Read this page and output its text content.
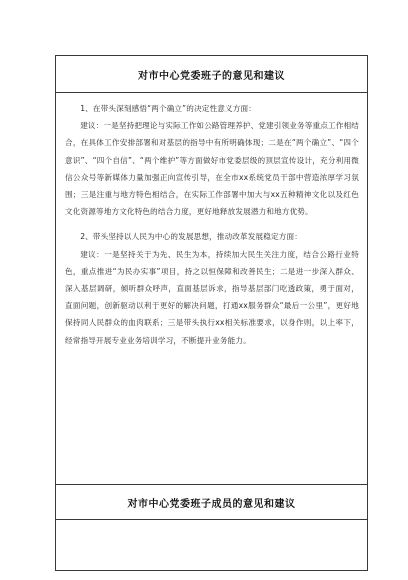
对市中心党委班子的意见和建议

1、在带头深刻感悟“两个确立”的决定性意义方面：

建议：一是坚持把理论与实际工作如公路管理养护、党建引领业务等重点工作相结合，在具体工作安排部署和对基层的指导中有所明确体现；二是在“两个确立”、“四个意识”、“四个自信”、“两个维护”等方面做好市党委层级的顶层宣传设计，充分利用微信公众号等新媒体力量加强正向宣传引导，在全市xx系统党员干部中营造浓厚学习氛围；三是注重与地方特色相结合，在实际工作部署中加大与xx五种精神文化以及红色文化资源等地方文化特色的结合力度，更好地释放发展潜力和地方优势。

2、带头坚持以人民为中心的发展思想，推动改革发展稳定方面：

建议：一是坚持关于为先、民生为本，持续加大民生关注力度，结合公路行业特色，重点推进“为民办实事”项目，持之以恒保障和改善民生；二是进一步深入群众、深入基层调研，倾听群众呼声，直面基层诉求，指导基层部门吃透政策，勇于面对，直面问题，创新驱动以利于更好的解决问题，打通xx服务群众“最后一公里”，更好地保持同人民群众的血肉联系；三是带头执行xx相关标准要求，以身作则，以上率下，经常指导开展专业业务培训学习，不断提升业务能力。

对市中心党委班子成员的意见和建议
